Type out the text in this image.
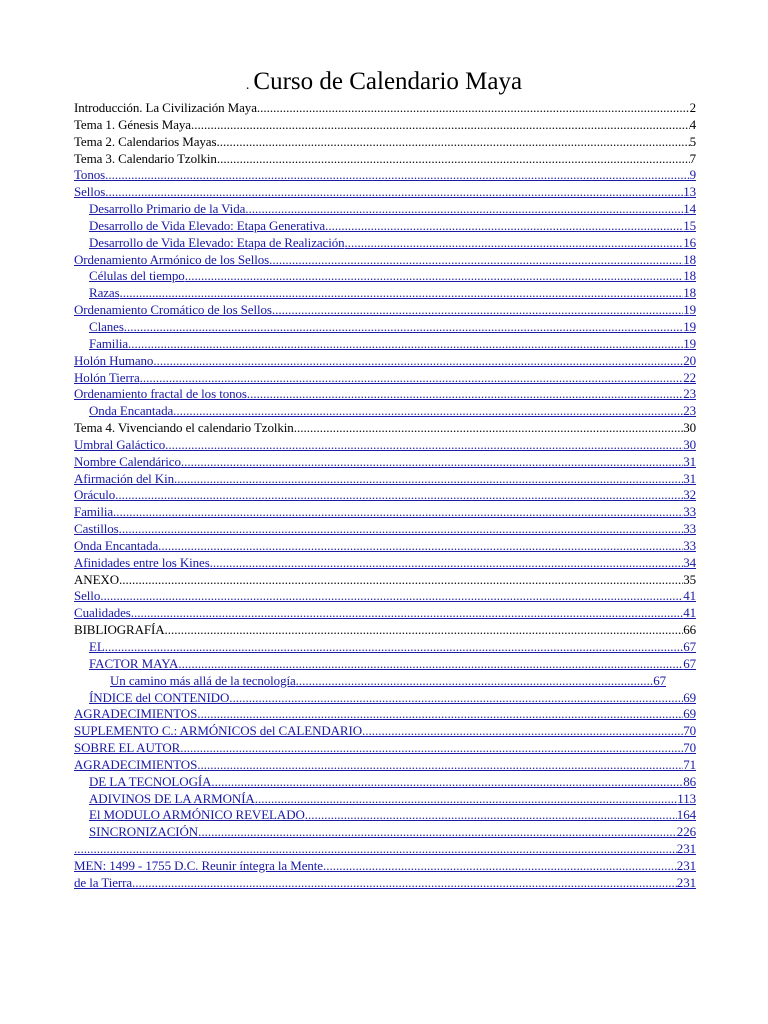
. Curso de Calendario Maya
Introducción. La Civilización Maya .....	2
Tema 1. Génesis Maya .....	4
Tema 2. Calendarios Mayas .....	5
Tema 3. Calendario Tzolkin .....	7
Tonos .....	9
Sellos .....	13
Desarrollo Primario de la Vida .....	14
Desarrollo de Vida Elevado: Etapa Generativa .....	15
Desarrollo de Vida Elevado: Etapa de Realización .....	16
Ordenamiento Armónico de los Sellos .....	18
Células del tiempo .....	18
Razas .....	18
Ordenamiento Cromático de los Sellos .....	19
Clanes .....	19
Familia .....	19
Holón Humano .....	20
Holón Tierra .....	22
Ordenamiento fractal de los tonos .....	23
Onda Encantada .....	23
Tema 4. Vivenciando el calendario Tzolkin .....	30
Umbral Galáctico .....	30
Nombre Calendárico .....	31
Afirmación del Kin .....	31
Oráculo .....	32
Familia .....	33
Castillos .....	33
Onda Encantada .....	33
Afinidades entre los Kines .....	34
ANEXO .....	35
Sello .....	41
Cualidades .....	41
BIBLIOGRAFÍA .....	66
EL .....	67
FACTOR MAYA .....	67
Un camino más allá de la tecnología .....	67
ÍNDICE del CONTENIDO .....	69
AGRADECIMIENTOS .....	69
SUPLEMENTO C.: ARMÓNICOS del CALENDARIO .....	70
SOBRE EL AUTOR .....	70
AGRADECIMIENTOS .....	71
DE LA TECNOLOGÍA .....	86
ADIVINOS DE LA ARMONÍA .....	113
El MODULO ARMÓNICO REVELADO .....	164
SINCRONIZACIÓN .....	226
. .....	231
MEN: 1499 - 1755 D.C. Reunir íntegra la Mente .....	231
de la Tierra .....	231
